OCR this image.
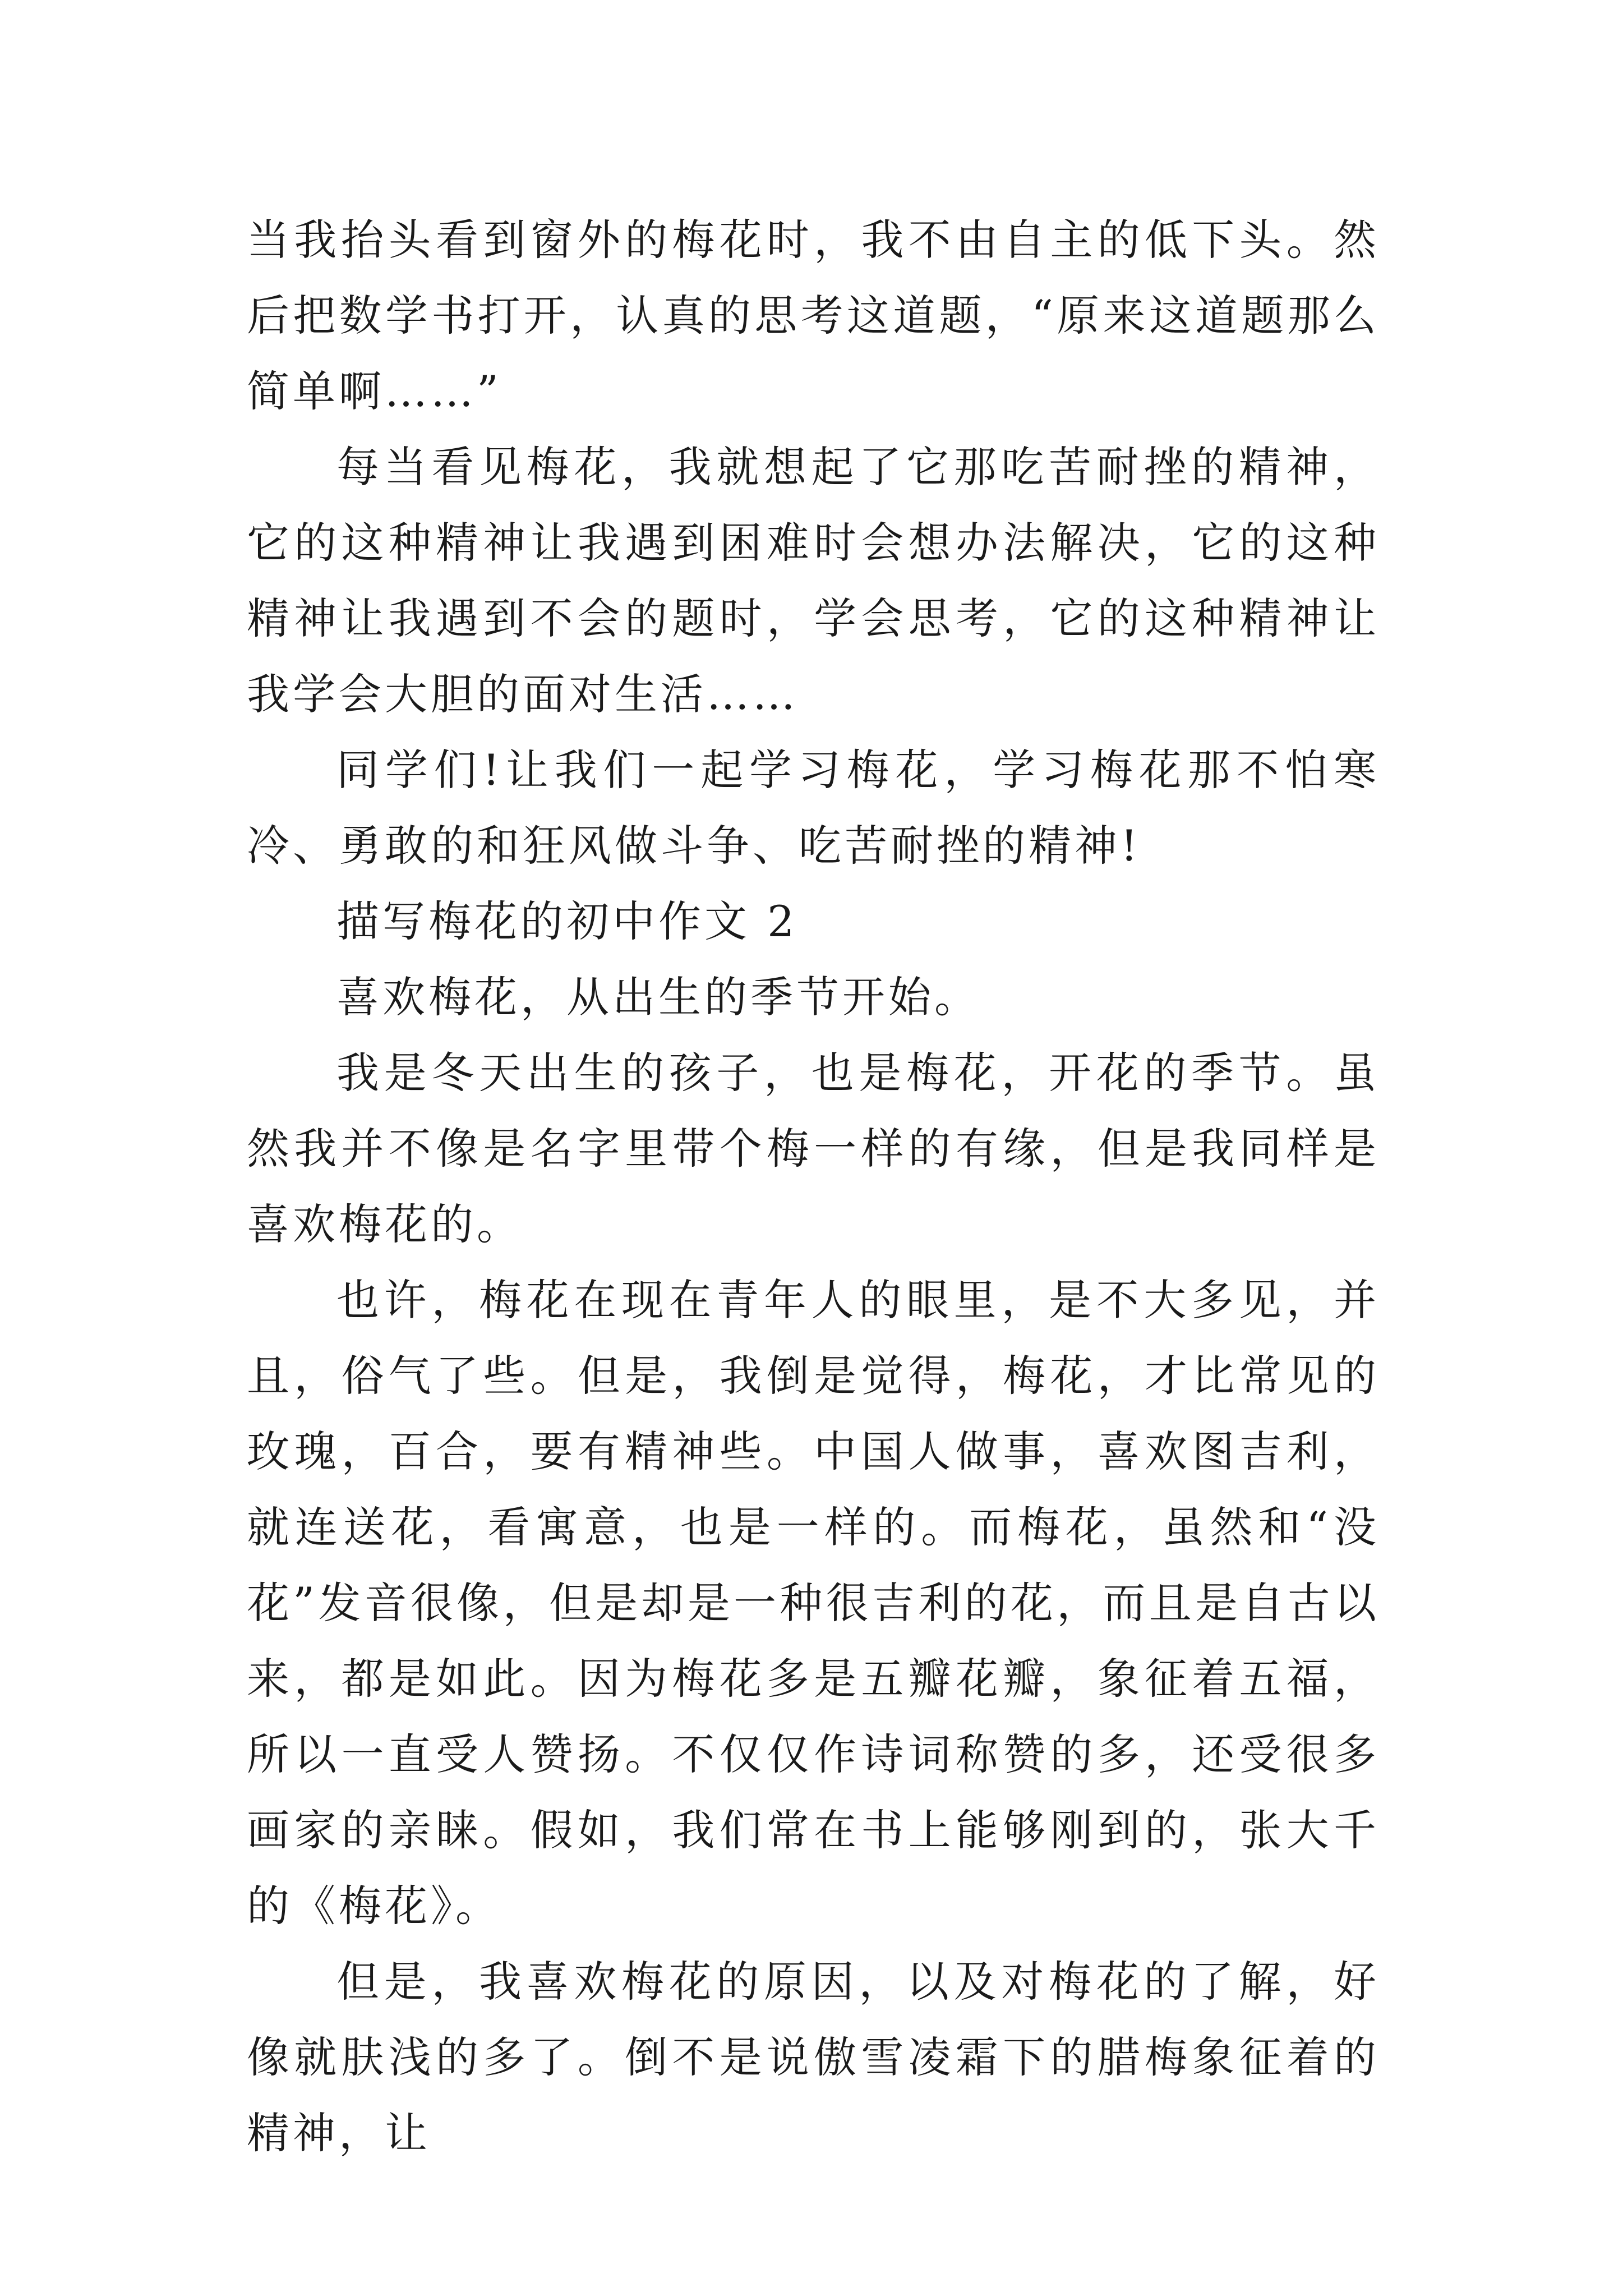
当我抬头看到窗外的梅花时，我不由自主的低下头。然后把数学书打开，认真的思考这道题，“原来这道题那么简单啊……”

每当看见梅花，我就想起了它那吃苦耐挫的精神，它的这种精神让我遇到困难时会想办法解决，它的这种精神让我遇到不会的题时，学会思考，它的这种精神让我学会大胆的面对生活……

同学们!让我们一起学习梅花，学习梅花那不怕寒冷、勇敢的和狂风做斗争、吃苦耐挫的精神!

描写梅花的初中作文 2

喜欢梅花，从出生的季节开始。

我是冬天出生的孩子，也是梅花，开花的季节。虽然我并不像是名字里带个梅一样的有缘，但是我同样是喜欢梅花的。

也许，梅花在现在青年人的眼里，是不大多见，并且，俗气了些。但是，我倒是觉得，梅花，才比常见的玫瑰，百合，要有精神些。中国人做事，喜欢图吉利，就连送花，看寓意，也是一样的。而梅花，虽然和“没花”发音很像，但是却是一种很吉利的花，而且是自古以来，都是如此。因为梅花多是五瓣花瓣，象征着五福，所以一直受人赞扬。不仅仅作诗词称赞的多，还受很多画家的亲睐。假如，我们常在书上能够刚到的，张大千的《梅花》。

但是，我喜欢梅花的原因，以及对梅花的了解，好像就肤浅的多了。倒不是说傲雪凌霜下的腊梅象征着的精神，让
